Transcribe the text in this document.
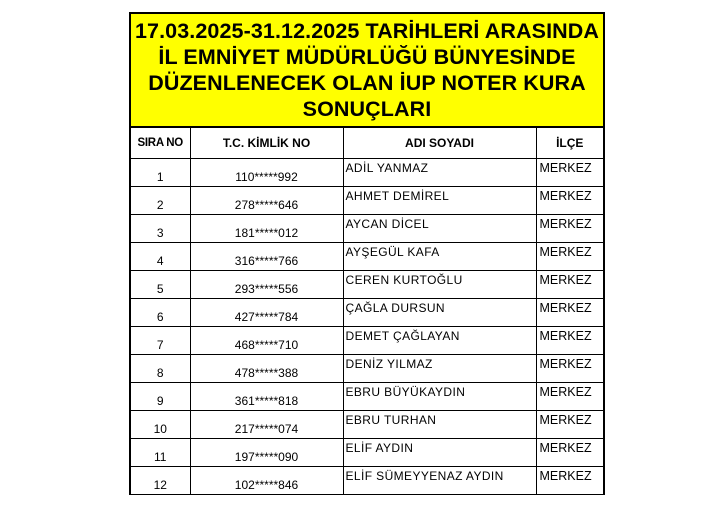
17.03.2025-31.12.2025 TARİHLERİ ARASINDA
İL EMNİYET MÜDÜRLÜĞÜ BÜNYESİNDE
DÜZENLENECEK OLAN İUP NOTER KURA
SONUÇLARI
SIRA NO	T.C. KİMLİK NO	ADI SOYADI	İLÇE
1	110*****992	ADİL YANMAZ	MERKEZ
2	278*****646	AHMET DEMİREL	MERKEZ
3	181*****012	AYCAN DİCEL	MERKEZ
4	316*****766	AYŞEGÜL KAFA	MERKEZ
5	293*****556	CEREN KURTOĞLU	MERKEZ
6	427*****784	ÇAĞLA DURSUN	MERKEZ
7	468*****710	DEMET ÇAĞLAYAN	MERKEZ
8	478*****388	DENİZ YILMAZ	MERKEZ
9	361*****818	EBRU BÜYÜKAYDIN	MERKEZ
10	217*****074	EBRU TURHAN	MERKEZ
11	197*****090	ELİF AYDIN	MERKEZ
12	102*****846	ELİF SÜMEYYENAZ AYDIN	MERKEZ
